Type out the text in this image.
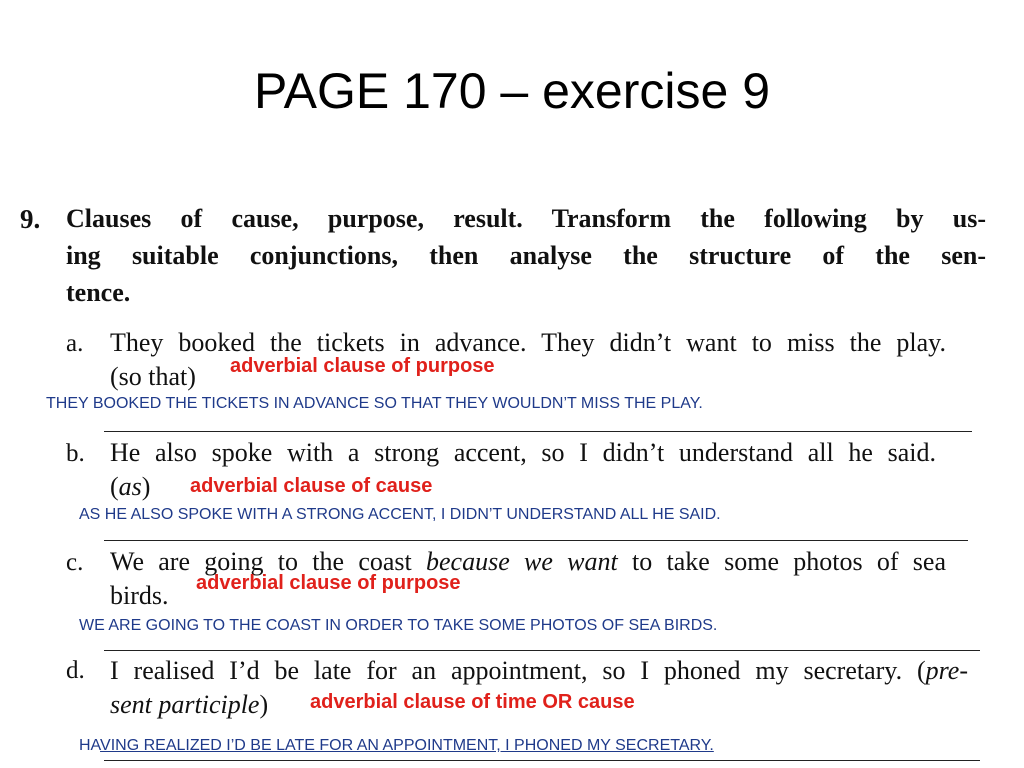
PAGE 170 – exercise 9
9. Clauses of cause, purpose, result. Transform the following by us-
ing suitable conjunctions, then analyse the structure of the sen-
tence.
a. They booked the tickets in advance. They didn’t want to miss the play.
(so that)	adverbial clause of purpose
THEY BOOKED THE TICKETS IN ADVANCE SO THAT THEY WOULDN’T MISS THE PLAY.
b. He also spoke with a strong accent, so I didn’t understand all he said.
(as)	adverbial clause of cause
AS HE ALSO SPOKE WITH A STRONG ACCENT, I DIDN’T UNDERSTAND ALL HE SAID.
c. We are going to the coast because we want to take some photos of sea
birds.	adverbial clause of purpose
WE ARE GOING TO THE COAST IN ORDER TO TAKE SOME PHOTOS OF SEA BIRDS.
d. I realised I’d be late for an appointment, so I phoned my secretary. (pre-
sent participle)	adverbial clause of time OR cause
HAVING REALIZED I’D BE LATE FOR AN APPOINTMENT, I PHONED MY SECRETARY.
